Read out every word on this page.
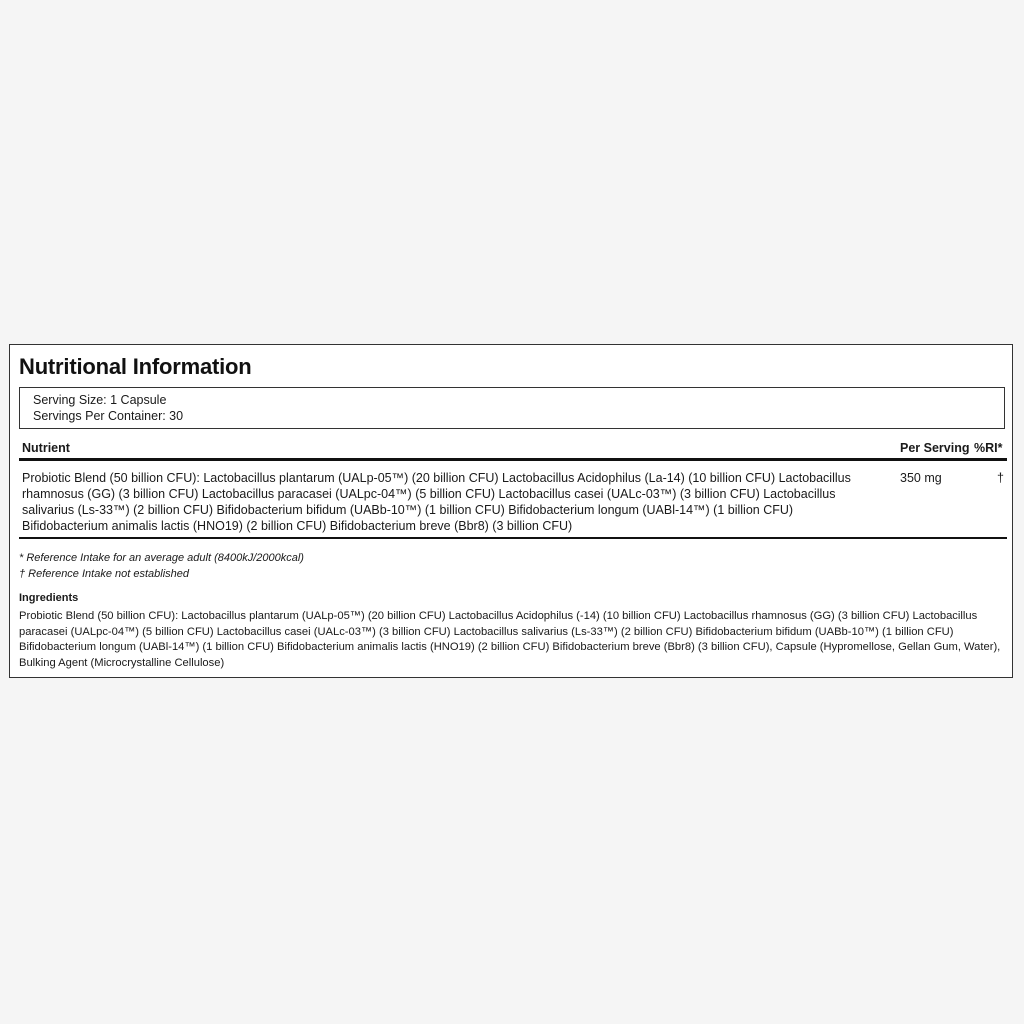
Nutritional Information
Serving Size: 1 Capsule
Servings Per Container: 30
Nutrient	Per Serving %RI*
Probiotic Blend (50 billion CFU): Lactobacillus plantarum (UALp-05™) (20 billion CFU) Lactobacillus Acidophilus (La-14) (10 billion CFU) Lactobacillus rhamnosus (GG) (3 billion CFU) Lactobacillus paracasei (UALpc-04™) (5 billion CFU) Lactobacillus casei (UALc-03™) (3 billion CFU) Lactobacillus salivarius (Ls-33™) (2 billion CFU) Bifidobacterium bifidum (UABb-10™) (1 billion CFU) Bifidobacterium longum (UABl-14™) (1 billion CFU) Bifidobacterium animalis lactis (HNO19) (2 billion CFU) Bifidobacterium breve (Bbr8) (3 billion CFU)
350 mg	†
* Reference Intake for an average adult (8400kJ/2000kcal)
† Reference Intake not established
Ingredients

Probiotic Blend (50 billion CFU): Lactobacillus plantarum (UALp-05™) (20 billion CFU) Lactobacillus Acidophilus (-14) (10 billion CFU) Lactobacillus rhamnosus (GG) (3 billion CFU) Lactobacillus paracasei (UALpc-04™) (5 billion CFU) Lactobacillus casei (UALc-03™) (3 billion CFU) Lactobacillus salivarius (Ls-33™) (2 billion CFU) Bifidobacterium bifidum (UABb-10™) (1 billion CFU) Bifidobacterium longum (UABl-14™) (1 billion CFU) Bifidobacterium animalis lactis (HNO19) (2 billion CFU) Bifidobacterium breve (Bbr8) (3 billion CFU), Capsule (Hypromellose, Gellan Gum, Water), Bulking Agent (Microcrystalline Cellulose)
